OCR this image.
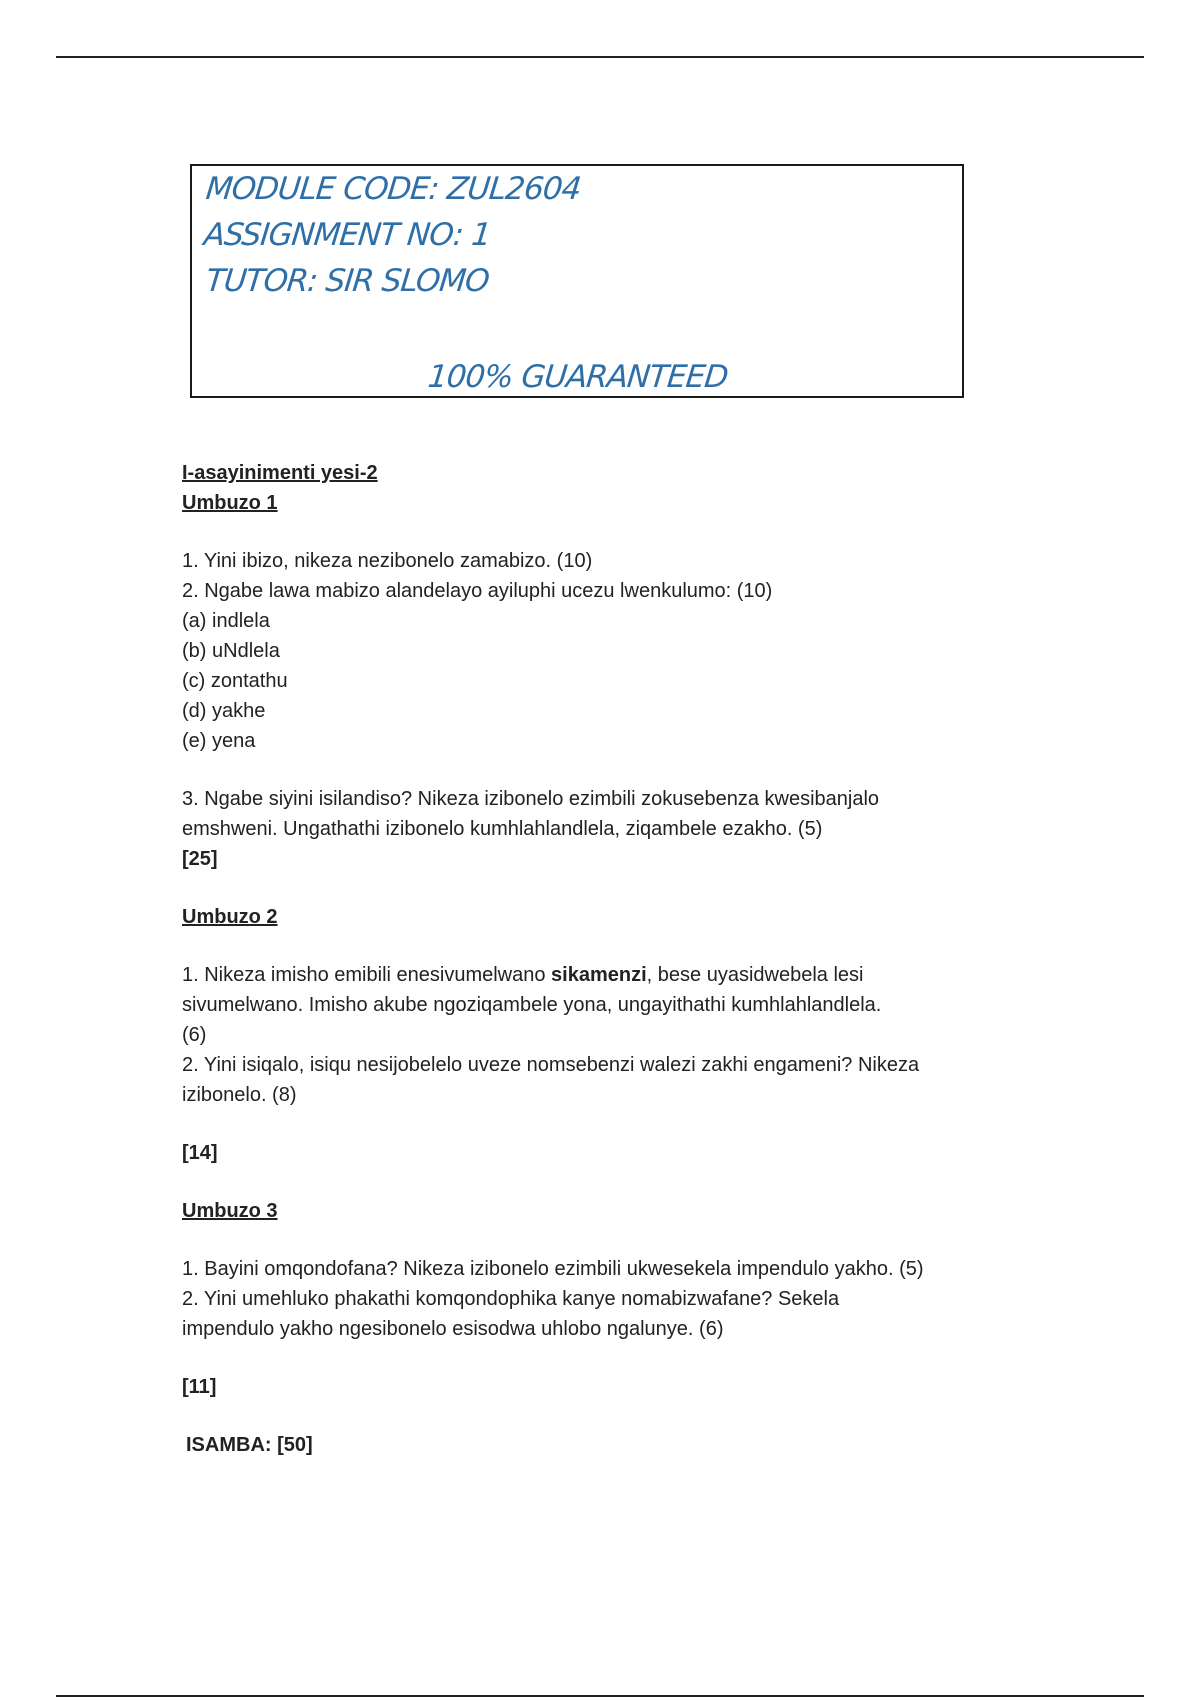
MODULE CODE: ZUL2604
ASSIGNMENT NO: 1
TUTOR: SIR SLOMO
100% GUARANTEED

I-asayinimenti yesi-2

Umbuzo 1

1. Yini ibizo, nikeza nezibonelo zamabizo. (10)

2. Ngabe lawa mabizo alandelayo ayiluphi ucezu lwenkulumo: (10)

(a) indlela

(b) uNdlela

(c) zontathu

(d) yakhe

(e) yena

3. Ngabe siyini isilandiso? Nikeza izibonelo ezimbili zokusebenza kwesibanjalo

emshweni. Ungathathi izibonelo kumhlahlandlela, ziqambele ezakho. (5)

[25]

Umbuzo 2

1. Nikeza imisho emibili enesivumelwano sikamenzi, bese uyasidwebela lesi

sivumelwano. Imisho akube ngoziqambele yona, ungayithathi kumhlahlandlela.

(6)

2. Yini isiqalo, isiqu nesijobelelo uveze nomsebenzi walezi zakhi engameni? Nikeza

izibonelo. (8)

[14]

Umbuzo 3

1. Bayini omqondofana? Nikeza izibonelo ezimbili ukwesekela impendulo yakho. (5)

2. Yini umehluko phakathi komqondophika kanye nomabizwafane? Sekela

impendulo yakho ngesibonelo esisodwa uhlobo ngalunye. (6)

[11]

ISAMBA: [50]
